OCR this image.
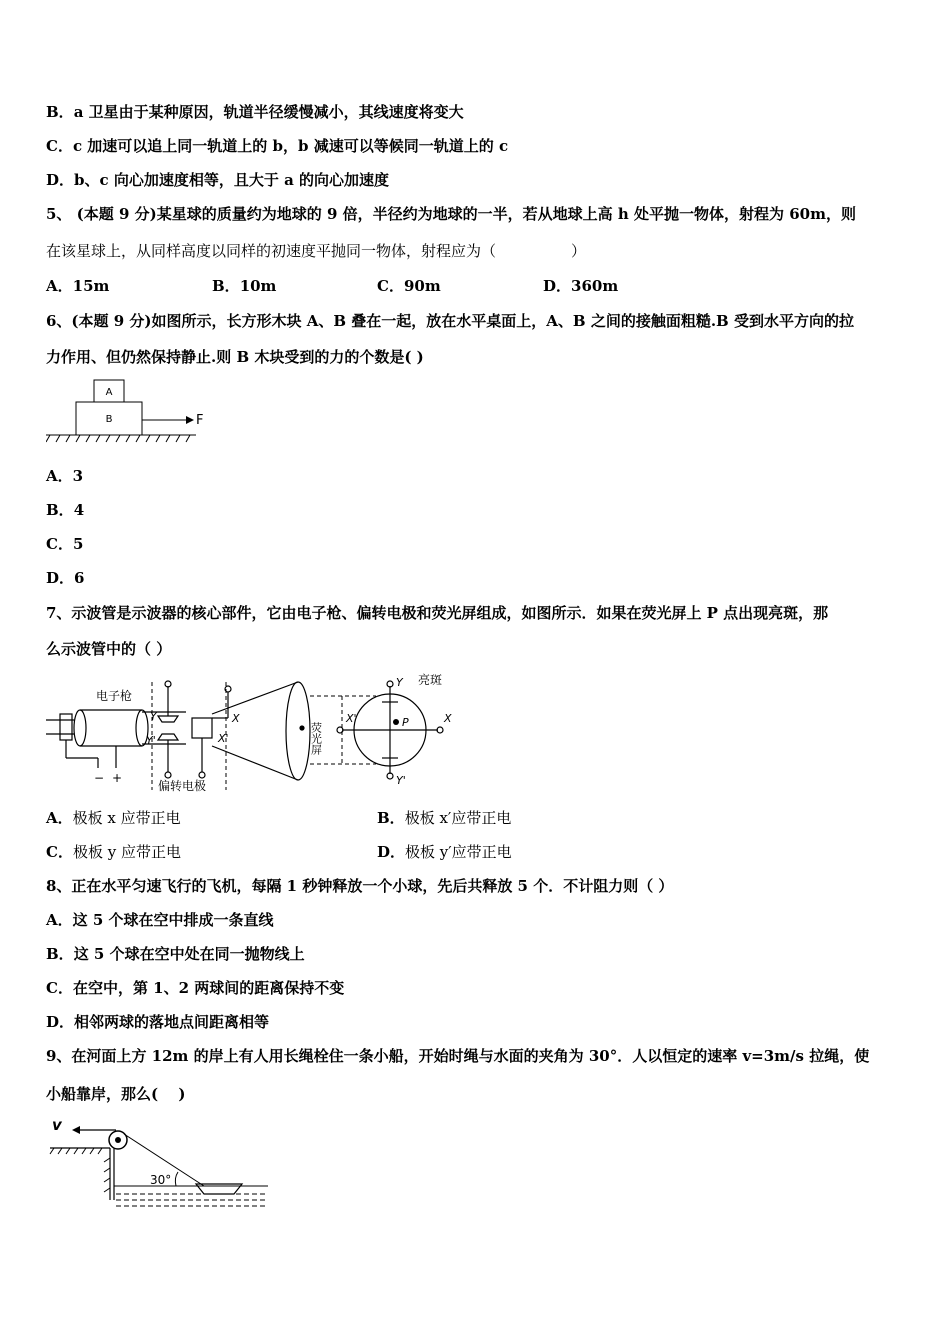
B．a 卫星由于某种原因，轨道半径缓慢减小，其线速度将变大
C．c 加速可以追上同一轨道上的 b，b 减速可以等候同一轨道上的 c
D．b、c 向心加速度相等，且大于 a 的向心加速度
5、 (本题 9 分)某星球的质量约为地球的 9 倍，半径约为地球的一半，若从地球上高 h 处平抛一物体，射程为 60m，则
在该星球上，从同样高度以同样的初速度平抛同一物体，射程应为（　　　　　）
A．15m	B．10m	C．90m	D．360m
6、(本题 9 分)如图所示，长方形木块 A、B 叠在一起，放在水平桌面上，A、B 之间的接触面粗糙.B 受到水平方向的拉
力作用、但仍然保持静止.则 B 木块受到的力的个数是( )
A
B	F
A．3
B．4
C．5
D．6
7、示波管是示波器的核心部件，它由电子枪、偏转电极和荧光屏组成，如图所示．如果在荧光屏上 P 点出现亮斑，那
么示波管中的（ ）
电子枪
− +
Y
Y'
X
X'
偏转电极
荧光屏
Y
Y'
X
X'	P
亮斑
A．极板 x 应带正电	B．极板 x′应带正电
C．极板 y 应带正电	D．极板 y′应带正电
8、正在水平匀速飞行的飞机，每隔 1 秒钟释放一个小球，先后共释放 5 个．不计阻力则（ ）
A．这 5 个球在空中排成一条直线
B．这 5 个球在空中处在同一抛物线上
C．在空中，第 1、2 两球间的距离保持不变
D．相邻两球的落地点间距离相等
9、在河面上方 12m 的岸上有人用长绳栓住一条小船，开始时绳与水面的夹角为 30°．人以恒定的速率 v=3m/s 拉绳，使
小船靠岸，那么(　 )
v
30°
